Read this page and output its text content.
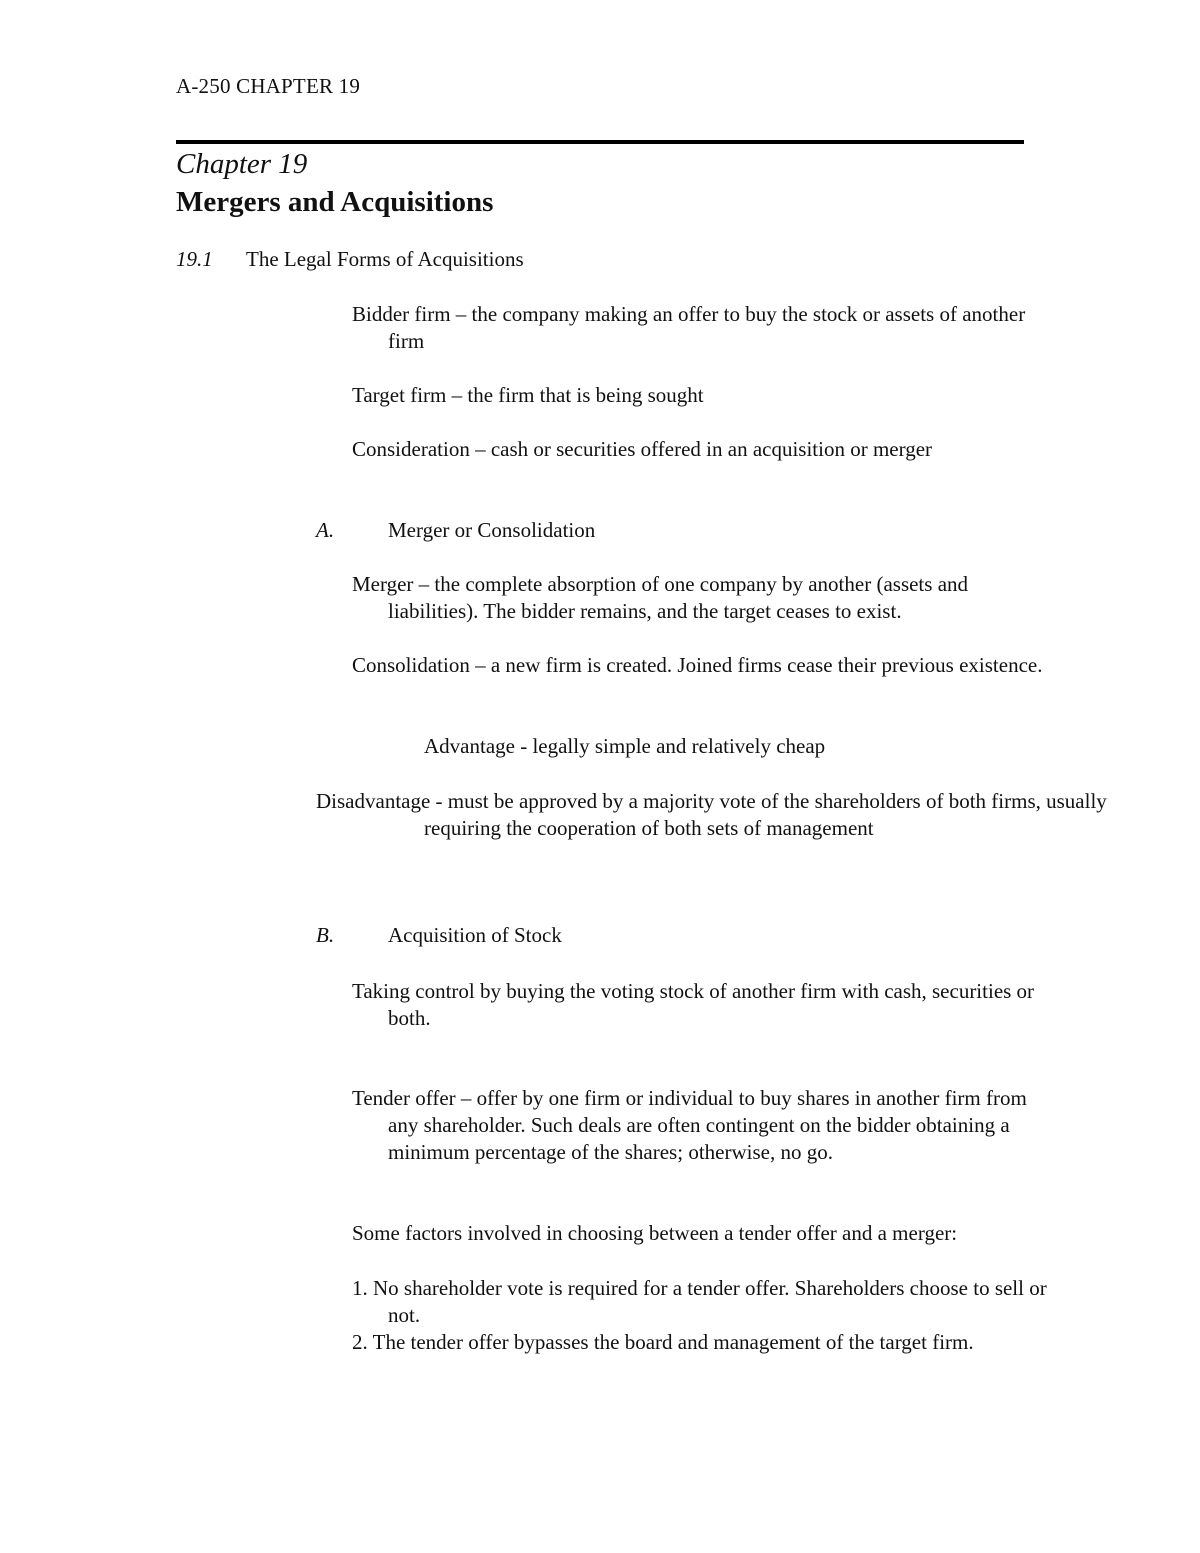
A-250 CHAPTER 19
Chapter 19
Mergers and Acquisitions
19.1 The Legal Forms of Acquisitions
Bidder firm – the company making an offer to buy the stock or assets of another firm
Target firm – the firm that is being sought
Consideration – cash or securities offered in an acquisition or merger
A.	Merger or Consolidation
Merger – the complete absorption of one company by another (assets and liabilities). The bidder remains, and the target ceases to exist.
Consolidation – a new firm is created. Joined firms cease their previous existence.
Advantage - legally simple and relatively cheap
Disadvantage - must be approved by a majority vote of the shareholders of both firms, usually requiring the cooperation of both sets of management
B.	Acquisition of Stock
Taking control by buying the voting stock of another firm with cash, securities or both.
Tender offer – offer by one firm or individual to buy shares in another firm from any shareholder. Such deals are often contingent on the bidder obtaining a minimum percentage of the shares; otherwise, no go.
Some factors involved in choosing between a tender offer and a merger:
1. No shareholder vote is required for a tender offer. Shareholders choose to sell or not.
2. The tender offer bypasses the board and management of the target firm.
